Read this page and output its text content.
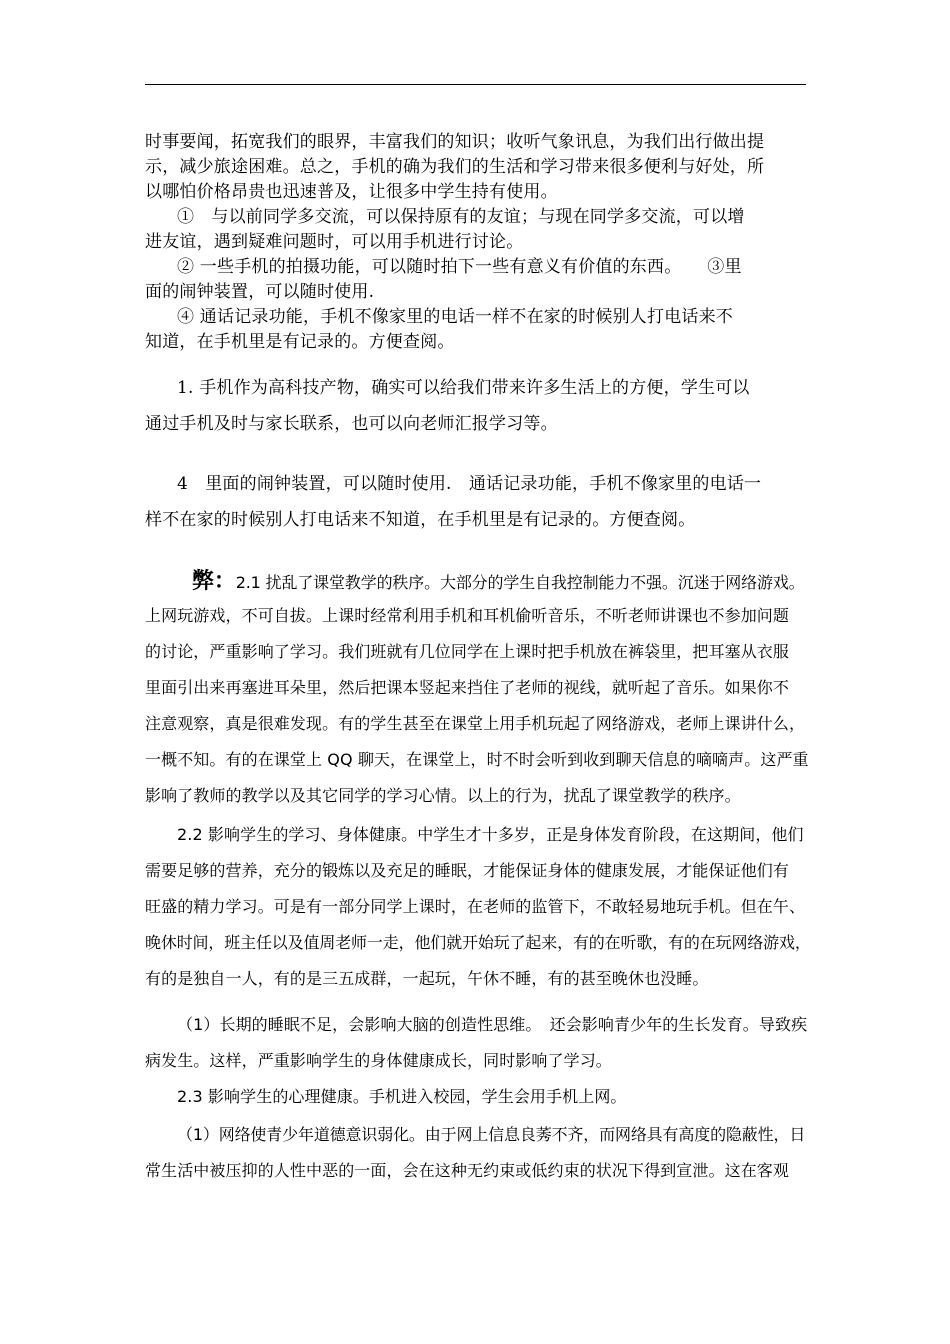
时事要闻，拓宽我们的眼界，丰富我们的知识；收听气象讯息，为我们出行做出提
示，减少旅途困难。总之，手机的确为我们的生活和学习带来很多便利与好处，所
以哪怕价格昂贵也迅速普及，让很多中学生持有使用。
①　与以前同学多交流，可以保持原有的友谊；与现在同学多交流，可以增
进友谊，遇到疑难问题时，可以用手机进行讨论。
② 一些手机的拍摄功能，可以随时拍下一些有意义有价值的东西。　　③里
面的闹钟装置，可以随时使用.
④ 通话记录功能，手机不像家里的电话一样不在家的时候别人打电话来不
知道，在手机里是有记录的。方便查阅。
1. 手机作为高科技产物，确实可以给我们带来许多生活上的方便，学生可以
通过手机及时与家长联系，也可以向老师汇报学习等。
4　里面的闹钟装置，可以随时使用.　通话记录功能，手机不像家里的电话一
样不在家的时候别人打电话来不知道，在手机里是有记录的。方便查阅。
弊：2.1 扰乱了课堂教学的秩序。大部分的学生自我控制能力不强。沉迷于网络游戏。
上网玩游戏，不可自拔。上课时经常利用手机和耳机偷听音乐，不听老师讲课也不参加问题
的讨论，严重影响了学习。我们班就有几位同学在上课时把手机放在裤袋里，把耳塞从衣服
里面引出来再塞进耳朵里，然后把课本竖起来挡住了老师的视线，就听起了音乐。如果你不
注意观察，真是很难发现。有的学生甚至在课堂上用手机玩起了网络游戏，老师上课讲什么，
一概不知。有的在课堂上 QQ 聊天，在课堂上，时不时会听到收到聊天信息的嘀嘀声。这严重
影响了教师的教学以及其它同学的学习心情。以上的行为，扰乱了课堂教学的秩序。
2.2 影响学生的学习、身体健康。中学生才十多岁，正是身体发育阶段，在这期间，他们
需要足够的营养，充分的锻炼以及充足的睡眠，才能保证身体的健康发展，才能保证他们有
旺盛的精力学习。可是有一部分同学上课时，在老师的监管下，不敢轻易地玩手机。但在午、
晚休时间，班主任以及值周老师一走，他们就开始玩了起来，有的在听歌，有的在玩网络游戏，
有的是独自一人，有的是三五成群，一起玩，午休不睡，有的甚至晚休也没睡。
（1）长期的睡眠不足，会影响大脑的创造性思维。　还会影响青少年的生长发育。导致疾
病发生。这样，严重影响学生的身体健康成长，同时影响了学习。
2.3 影响学生的心理健康。手机进入校园，学生会用手机上网。
（1）网络使青少年道德意识弱化。由于网上信息良莠不齐，而网络具有高度的隐蔽性，日
常生活中被压抑的人性中恶的一面，会在这种无约束或低约束的状况下得到宣泄。这在客观
